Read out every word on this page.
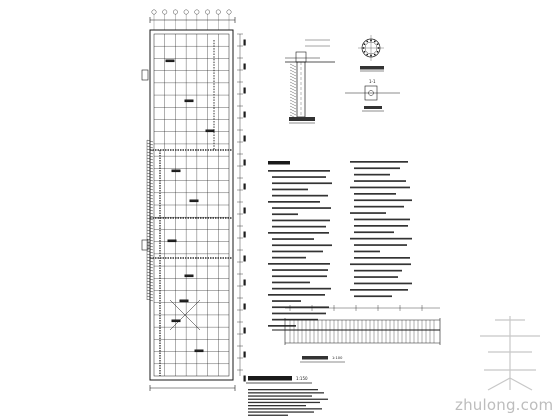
1-1
1:100
1:150
zhulong.com
